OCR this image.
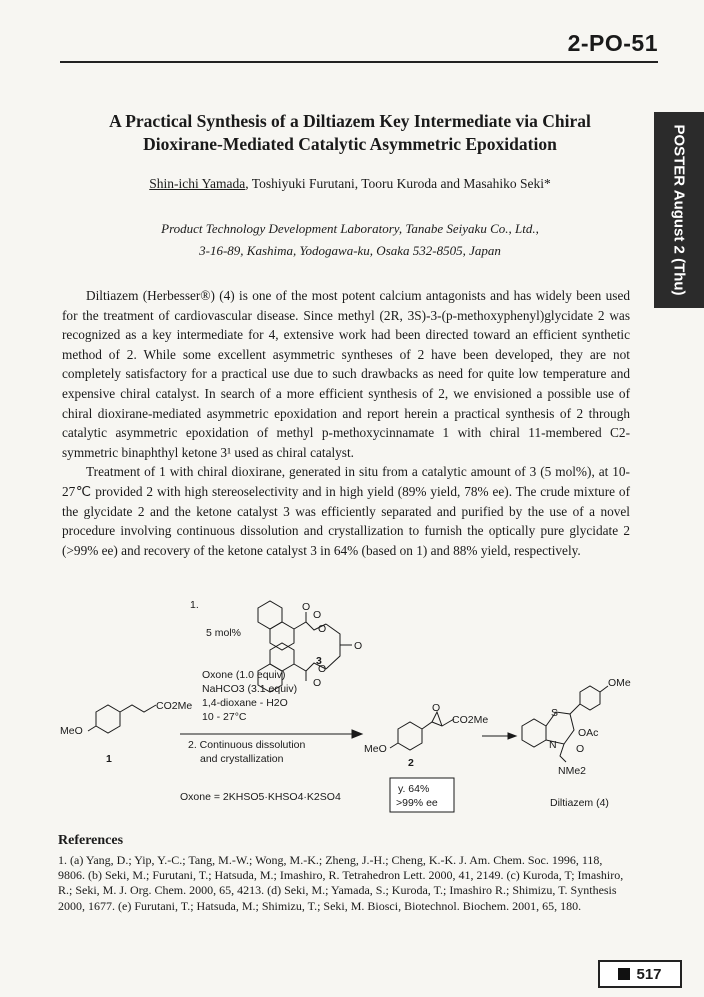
2-PO-51
POSTER August 2 (Thu)
A Practical Synthesis of a Diltiazem Key Intermediate via Chiral
Dioxirane-Mediated Catalytic Asymmetric Epoxidation
Shin-ichi Yamada, Toshiyuki Furutani, Tooru Kuroda and Masahiko Seki*
Product Technology Development Laboratory, Tanabe Seiyaku Co., Ltd.,
3-16-89, Kashima, Yodogawa-ku, Osaka 532-8505, Japan

Diltiazem (Herbesser®) (4) is one of the most potent calcium antagonists and has widely been used for the treatment of cardiovascular disease. Since methyl (2R, 3S)-3-(p-methoxyphenyl)glycidate 2 was recognized as a key intermediate for 4, extensive work had been directed toward an efficient synthetic method of 2. While some excellent asymmetric syntheses of 2 have been developed, they are not completely satisfactory for a practical use due to such drawbacks as need for quite low temperature and expensive chiral catalyst. In search of a more efficient synthesis of 2, we envisioned a possible use of chiral dioxirane-mediated asymmetric epoxidation and report herein a practical synthesis of 2 through catalytic asymmetric epoxidation of methyl p-methoxycinnamate 1 with chiral 11-membered C2-symmetric binaphthyl ketone 3¹ used as chiral catalyst.

Treatment of 1 with chiral dioxirane, generated in situ from a catalytic amount of 3 (5 mol%), at 10-27℃ provided 2 with high stereoselectivity and in high yield (89% yield, 78% ee). The crude mixture of the glycidate 2 and the ketone catalyst 3 was efficiently separated and purified by the use of a novel procedure involving continuous dissolution and crystallization to furnish the optically pure glycidate 2 (>99% ee) and recovery of the ketone catalyst 3 in 64% (based on 1) and 88% yield, respectively.

1.
5 mol%
O
O
O
O
O
O
3
Oxone (1.0 equiv)
NaHCO3 (3.1 equiv)
1,4-dioxane - H2O
10 - 27°C
2. Continuous dissolution
and crystallization
Oxone = 2KHSO5·KHSO4·K2SO4
MeO
CO2Me
1
MeO
CO2Me
O
2
y. 64%
>99% ee
OMe
S
N
OAc
O
NMe2
Diltiazem (4)
References
1. (a) Yang, D.; Yip, Y.-C.; Tang, M.-W.; Wong, M.-K.; Zheng, J.-H.; Cheng, K.-K. J. Am. Chem. Soc. 1996, 118, 9806. (b) Seki, M.; Furutani, T.; Hatsuda, M.; Imashiro, R. Tetrahedron Lett. 2000, 41, 2149. (c) Kuroda, T; Imashiro, R.; Seki, M. J. Org. Chem. 2000, 65, 4213. (d) Seki, M.; Yamada, S.; Kuroda, T.; Imashiro R.; Shimizu, T. Synthesis 2000, 1677. (e) Furutani, T.; Hatsuda, M.; Shimizu, T.; Seki, M. Biosci, Biotechnol. Biochem. 2001, 65, 180.
517
